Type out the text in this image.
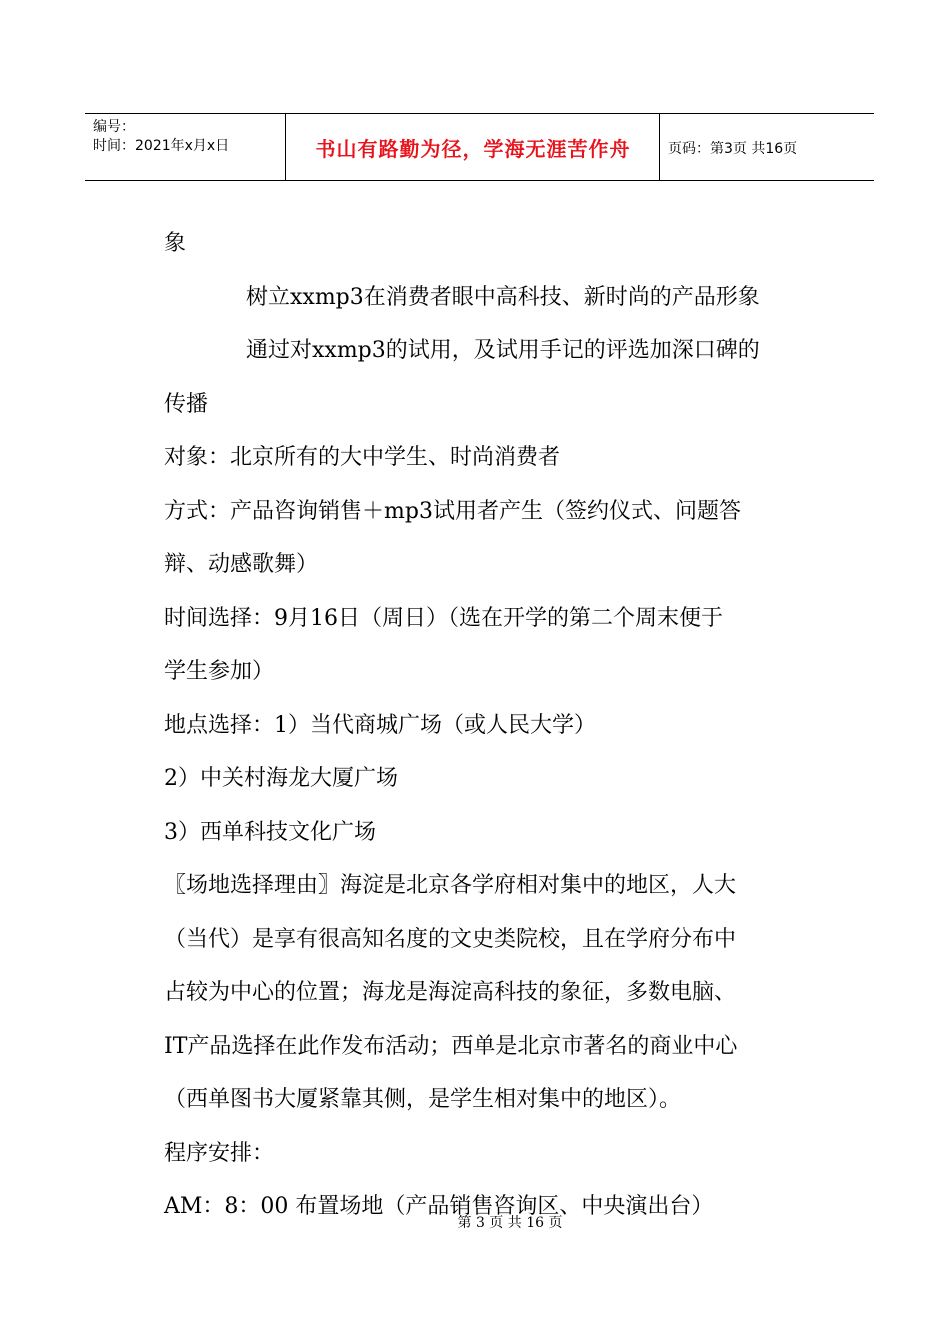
编号：
时间：2021年x月x日	书山有路勤为径，学海无涯苦作舟	页码：第3页 共16页
象
树立xxmp3在消费者眼中高科技、新时尚的产品形象
通过对xxmp3的试用，及试用手记的评选加深口碑的
传播
对象：北京所有的大中学生、时尚消费者
方式：产品咨询销售＋mp3试用者产生（签约仪式、问题答
辩、动感歌舞）
时间选择：9月16日（周日）（选在开学的第二个周末便于
学生参加）
地点选择：1）当代商城广场（或人民大学）
2）中关村海龙大厦广场
3）西单科技文化广场
〖场地选择理由〗海淀是北京各学府相对集中的地区，人大
（当代）是享有很高知名度的文史类院校，且在学府分布中
占较为中心的位置；海龙是海淀高科技的象征，多数电脑、
IT产品选择在此作发布活动；西单是北京市著名的商业中心
（西单图书大厦紧靠其侧，是学生相对集中的地区）。
程序安排：
AM：8：00 布置场地（产品销售咨询区、中央演出台）
第 3 页 共 16 页
